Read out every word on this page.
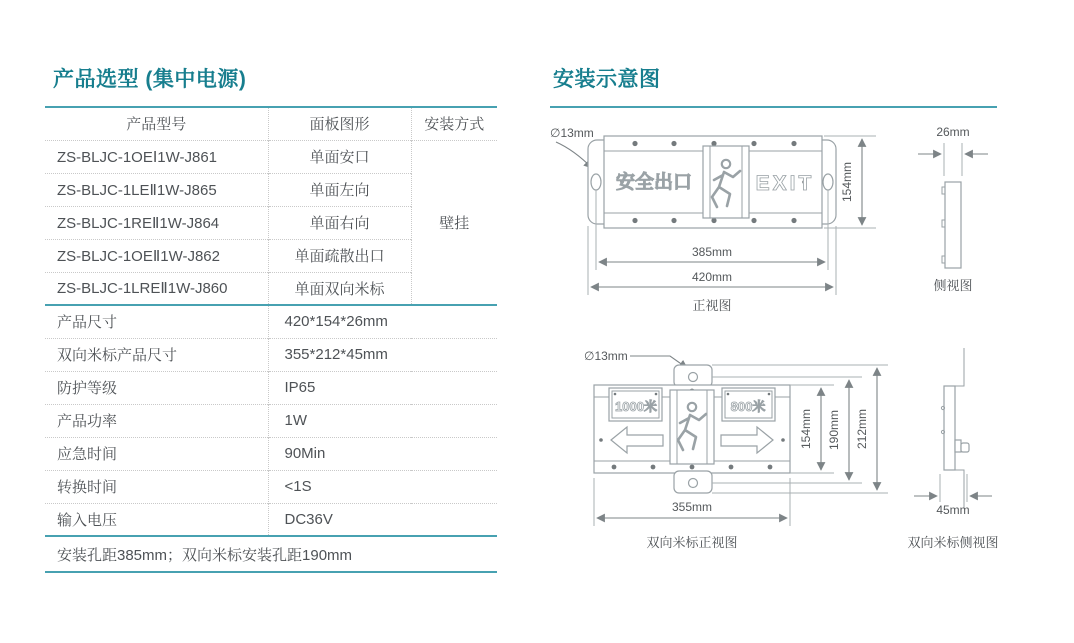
产品选型 (集中电源)
产品型号	面板图形	安装方式
ZS-BLJC-1OEⅠ1W-J861	单面安口	壁挂
ZS-BLJC-1LEⅡ1W-J865	单面左向	
ZS-BLJC-1REⅡ1W-J864	单面右向	
ZS-BLJC-1OEⅡ1W-J862	单面疏散出口	
ZS-BLJC-1LREⅡ1W-J860	单面双向米标	
产品尺寸	420*154*26mm	
双向米标产品尺寸	355*212*45mm	
防护等级	IP65	
产品功率	1W	
应急时间	90Min	
转换时间	<1S	
输入电压	DC36V	
安装孔距385mm；双向米标安装孔距190mm		
安装示意图
∅13mm
安全出口	EXIT 154mm
385mm
420mm
正视图
26mm
侧视图
∅13mm
1000米	800米
154mm 190mm 212mm
355mm
双向米标正视图
45mm
双向米标侧视图
